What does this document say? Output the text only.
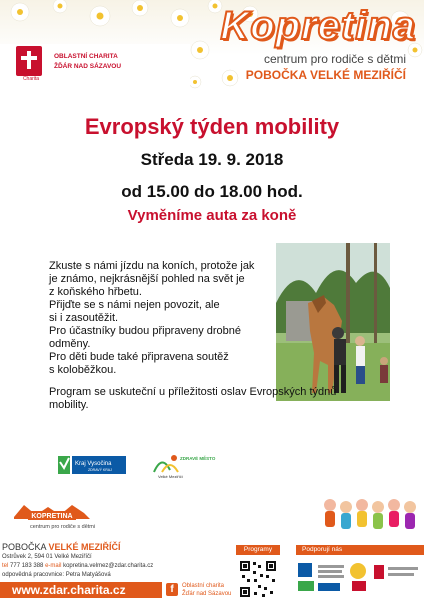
Charita
OBLASTNÍ CHARITA
ŽĎÁR NAD SÁZAVOU
Kopretina
centrum pro rodiče s dětmi
POBOČKA VELKÉ MEZIŘÍČÍ
Evropský týden mobility
Středa 19. 9. 2018
od 15.00 do 18.00 hod.
Vyměníme auta za koně

Zkuste s námi jízdu na koních, protože jak

je známo, nejkrásnější pohled na svět je

z koňského hřbetu.

Přijďte se s námi nejen povozit, ale

si i zasoutěžit.

Pro účastníky budou připraveny drobné

odměny.

Pro děti bude také připravena soutěž

s koloběžkou.

Program se uskuteční u příležitosti oslav Evropských týdnů
mobility.
Kraj Vysočina
ZDRAVÝ KRAJ
ZDRAVÉ MĚSTO
Velké Meziříčí
KOPRETINA
centrum pro rodiče s dětmi
POBOČKA VELKÉ MEZIŘÍČÍ
Ostrůvek 2, 594 01 Velké Meziříčí
tel 777 183 388 e-mail kopretina.velmez@zdar.charita.cz
odpovědná pracovnice: Petra Matyášová
www.zdar.charita.cz	f	Oblastní charita
Žďár nad Sázavou
Programy	Podporují nás
